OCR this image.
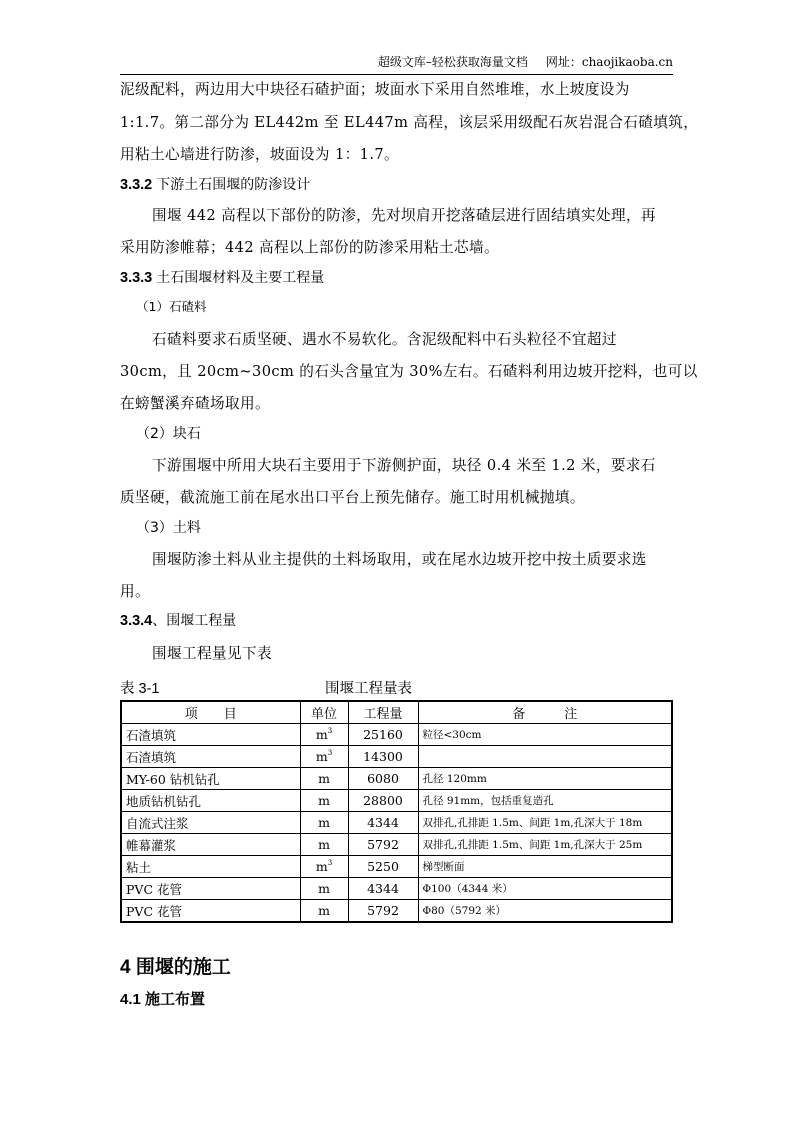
超级文库–轻松获取海量文档 网址：chaojikaoba.cn
泥级配料，两边用大中块径石碴护面；坡面水下采用自然堆堆，水上坡度设为
1:1.7。第二部分为 EL442m 至 EL447m 高程，该层采用级配石灰岩混合石碴填筑，
用粘土心墙进行防渗，坡面设为 1：1.7。
3.3.2 下游土石围堰的防渗设计
围堰 442 高程以下部份的防渗，先对坝肩开挖落碴层进行固结填实处理，再
采用防渗帷幕；442 高程以上部份的防渗采用粘土芯墙。
3.3.3 土石围堰材料及主要工程量
（1）石碴料
石碴料要求石质坚硬、遇水不易软化。含泥级配料中石头粒径不宜超过
30cm，且 20cm~30cm 的石头含量宜为 30%左右。石碴料利用边坡开挖料，也可以
在螃蟹溪弃碴场取用。
（2）块石
下游围堰中所用大块石主要用于下游侧护面，块径 0.4 米至 1.2 米，要求石
质坚硬，截流施工前在尾水出口平台上预先储存。施工时用机械抛填。
（3）土料
围堰防渗土料从业主提供的土料场取用，或在尾水边坡开挖中按土质要求选
用。
3.3.4、围堰工程量
围堰工程量见下表
表 3-1	围堰工程量表
项　　目	单位	工程量	备　　　注
石渣填筑	$m^3$	25160	粒径<30cm
石渣填筑	$m^3$	14300	
MY-60 钻机钻孔	m	6080	孔径 120mm
地质钻机钻孔	m	28800	孔径 91mm，包括重复造孔
自流式注浆	m	4344	双排孔,孔排距 1.5m、间距 1m,孔深大于 18m
帷幕灌浆	m	5792	双排孔,孔排距 1.5m、间距 1m,孔深大于 25m
粘土	$m^3$	5250	梯型断面
PVC 花管	m	4344	Φ100（4344 米）
PVC 花管	m	5792	Φ80（5792 米）
4 围堰的施工
4.1 施工布置
